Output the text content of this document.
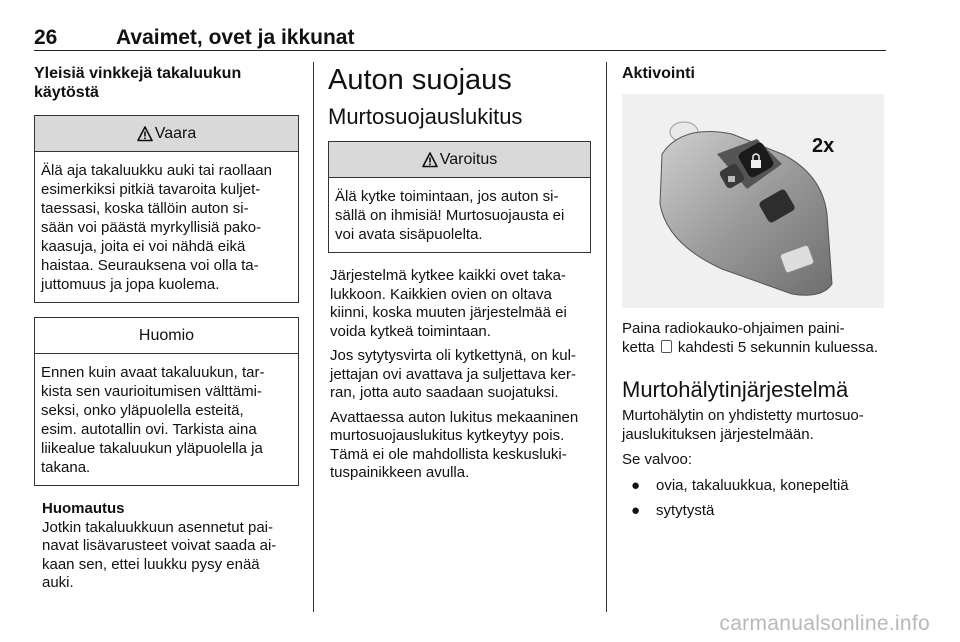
26	Avaimet, ovet ja ikkunat
Yleisiä vinkkejä takaluukun
käytöstä
Vaara
Älä aja takaluukku auki tai raollaan
esimerkiksi pitkiä tavaroita kuljet-
taessasi, koska tällöin auton si-
sään voi päästä myrkyllisiä pako-
kaasuja, joita ei voi nähdä eikä
haistaa. Seurauksena voi olla ta-
juttomuus ja jopa kuolema.
Huomio
Ennen kuin avaat takaluukun, tar-
kista sen vaurioitumisen välttämi-
seksi, onko yläpuolella esteitä,
esim. autotallin ovi. Tarkista aina
liikealue takaluukun yläpuolella ja
takana.
Huomautus
Jotkin takaluukkuun asennetut pai-
navat lisävarusteet voivat saada ai-
kaan sen, ettei luukku pysy enää
auki.
Auton suojaus
Murtosuojauslukitus
Varoitus
Älä kytke toimintaan, jos auton si-
sällä on ihmisiä! Murtosuojausta ei
voi avata sisäpuolelta.
Järjestelmä kytkee kaikki ovet taka-
lukkoon. Kaikkien ovien on oltava
kiinni, koska muuten järjestelmää ei
voida kytkeä toimintaan.
Jos sytytysvirta oli kytkettynä, on kul-
jettajan ovi avattava ja suljettava ker-
ran, jotta auto saadaan suojatuksi.
Avattaessa auton lukitus mekaaninen
murtosuojauslukitus kytkeytyy pois.
Tämä ei ole mahdollista keskusluki-
tuspainikkeen avulla.
Aktivointi
2x
Paina radiokauko-ohjaimen paini-
ketta kahdesti 5 sekunnin kuluessa.
Murtohälytinjärjestelmä
Murtohälytin on yhdistetty murtosuo-
jauslukituksen järjestelmään.
Se valvoo:
●	ovia, takaluukkua, konepeltiä
●	sytytystä
carmanualsonline.info
